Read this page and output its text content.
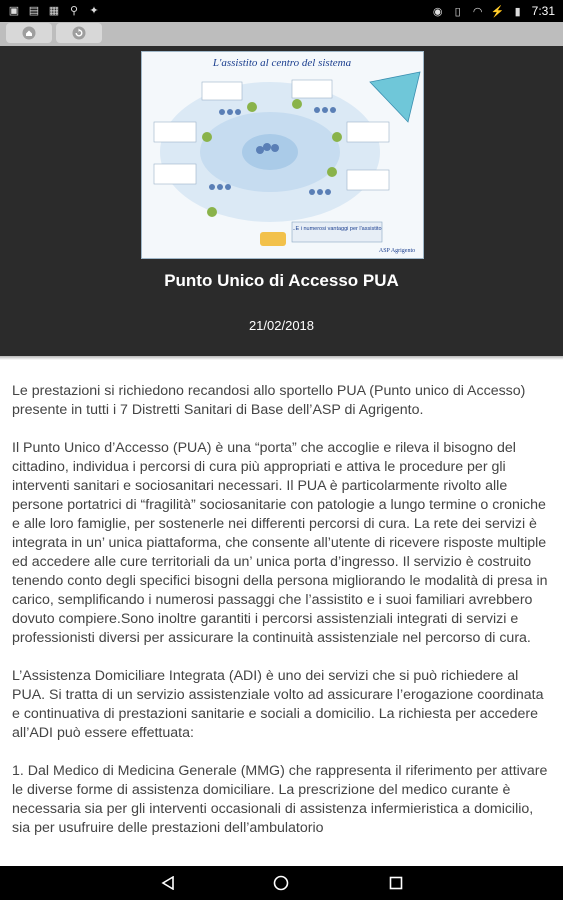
▣ ▤ ▦ ⚲ ✦	◉ ▯ ◠ ⚡ ▮ 7:31
L'assistito al centro del sistema
..E i numerosi vantaggi per l'assistito
ASP Agrigento
Punto Unico di Accesso PUA
21/02/2018

Le prestazioni si richiedono recandosi allo sportello PUA (Punto unico di Accesso) presente in tutti i 7 Distretti Sanitari di Base dell’ASP di Agrigento.

Il Punto Unico d’Accesso (PUA) è una “porta” che accoglie e rileva il bisogno del cittadino, individua i percorsi di cura più appropriati e attiva le procedure per gli interventi sanitari e sociosanitari necessari. Il PUA è particolarmente rivolto alle persone portatrici di “fragilità” sociosanitarie con patologie a lungo termine o croniche e alle loro famiglie, per sostenerle nei differenti percorsi di cura. La rete dei servizi è integrata in un’ unica piattaforma, che consente all’utente di ricevere risposte multiple ed accedere alle cure territoriali da un’ unica porta d’ingresso. Il servizio è costruito tenendo conto degli specifici bisogni della persona migliorando le modalità di presa in carico, semplificando i numerosi passaggi che l’assistito e i suoi familiari avrebbero dovuto compiere.Sono inoltre garantiti i percorsi assistenziali integrati di servizi e professionisti diversi per assicurare la continuità assistenziale nel percorso di cura.

L’Assistenza Domiciliare Integrata (ADI) è uno dei servizi che si può richiedere al PUA. Si tratta di un servizio assistenziale volto ad assicurare l’erogazione coordinata e continuativa di prestazioni sanitarie e sociali a domicilio. La richiesta per accedere all’ADI può essere effettuata:

1. Dal Medico di Medicina Generale (MMG) che rappresenta il riferimento per attivare le diverse forme di assistenza domiciliare. La prescrizione del medico curante è necessaria sia per gli interventi occasionali di assistenza infermieristica a domicilio, sia per usufruire delle prestazioni dell’ambulatorio
